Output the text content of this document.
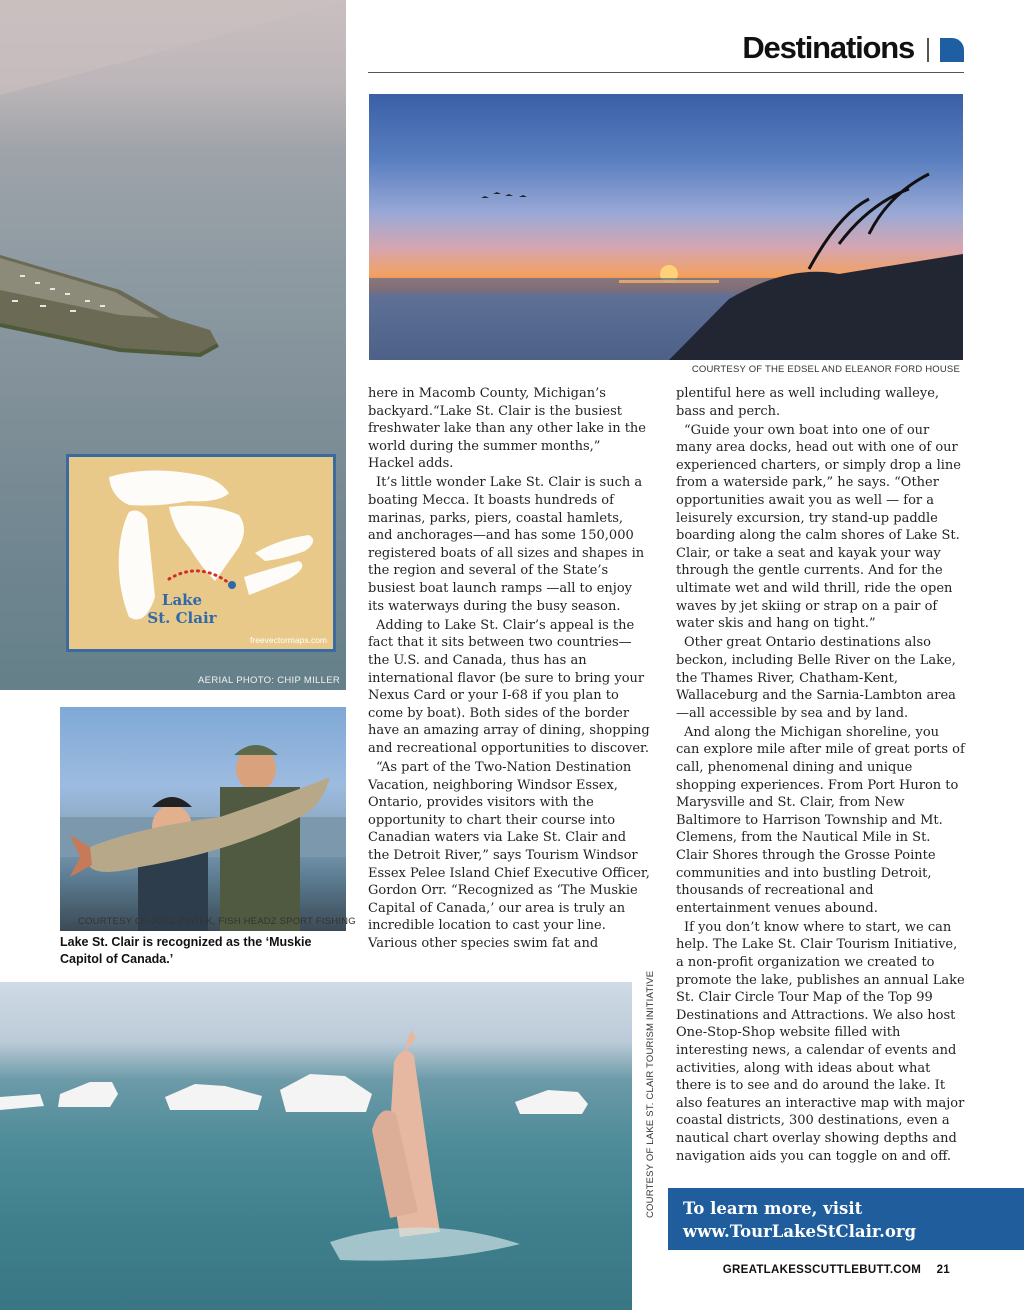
AERIAL PHOTO: CHIP MILLER
Lake
St. Clair
freevectormaps.com
Destinations
COURTESY OF THE EDSEL AND ELEANOR FORD HOUSE
COURTESY OF JOEL PIATEK, FISH HEADZ SPORT FISHING
Lake St. Clair is recognized as the ‘Muskie Capitol of Canada.’
COURTESY OF LAKE ST. CLAIR TOURISM INITIATIVE

here in Macomb County, Michigan’s backyard.“Lake St. Clair is the busiest freshwater lake than any other lake in the world during the summer months,” Hackel adds.

It’s little wonder Lake St. Clair is such a boating Mecca. It boasts hundreds of marinas, parks, piers, coastal hamlets, and anchorages—and has some 150,000 registered boats of all sizes and shapes in the region and several of the State’s busiest boat launch ramps —all to enjoy its waterways during the busy season.

Adding to Lake St. Clair’s appeal is the fact that it sits between two countries—the U.S. and Canada, thus has an international flavor (be sure to bring your Nexus Card or your I-68 if you plan to come by boat). Both sides of the border have an amazing array of dining, shopping and recreational opportunities to discover.

“As part of the Two-Nation Destination Vacation, neighboring Windsor Essex, Ontario, provides visitors with the opportunity to chart their course into Canadian waters via Lake St. Clair and the Detroit River,” says Tourism Windsor Essex Pelee Island Chief Executive Officer, Gordon Orr. “Recognized as ‘The Muskie Capital of Canada,’ our area is truly an incredible location to cast your line. Various other species swim fat and

plentiful here as well including walleye, bass and perch.

“Guide your own boat into one of our many area docks, head out with one of our experienced charters, or simply drop a line from a waterside park,” he says. “Other opportunities await you as well — for a leisurely excursion, try stand-up paddle boarding along the calm shores of Lake St. Clair, or take a seat and kayak your way through the gentle currents. And for the ultimate wet and wild thrill, ride the open waves by jet skiing or strap on a pair of water skis and hang on tight.”

Other great Ontario destinations also beckon, including Belle River on the Lake, the Thames River, Chatham-Kent, Wallaceburg and the Sarnia-Lambton area—all accessible by sea and by land.

And along the Michigan shoreline, you can explore mile after mile of great ports of call, phenomenal dining and unique shopping experiences. From Port Huron to Marysville and St. Clair, from New Baltimore to Harrison Township and Mt. Clemens, from the Nautical Mile in St. Clair Shores through the Grosse Pointe communities and into bustling Detroit, thousands of recreational and entertainment venues abound.

If you don’t know where to start, we can help. The Lake St. Clair Tourism Initiative, a non-profit organization we created to promote the lake, publishes an annual Lake St. Clair Circle Tour Map of the Top 99 Destinations and Attractions. We also host One-Stop-Shop website filled with interesting news, a calendar of events and activities, along with ideas about what there is to see and do around the lake. It also features an interactive map with major coastal districts, 300 destinations, even a nautical chart overlay showing depths and navigation aids you can toggle on and off.

To learn more, visit
www.TourLakeStClair.org
GREATLAKESSCUTTLEBUTT.COM 21
